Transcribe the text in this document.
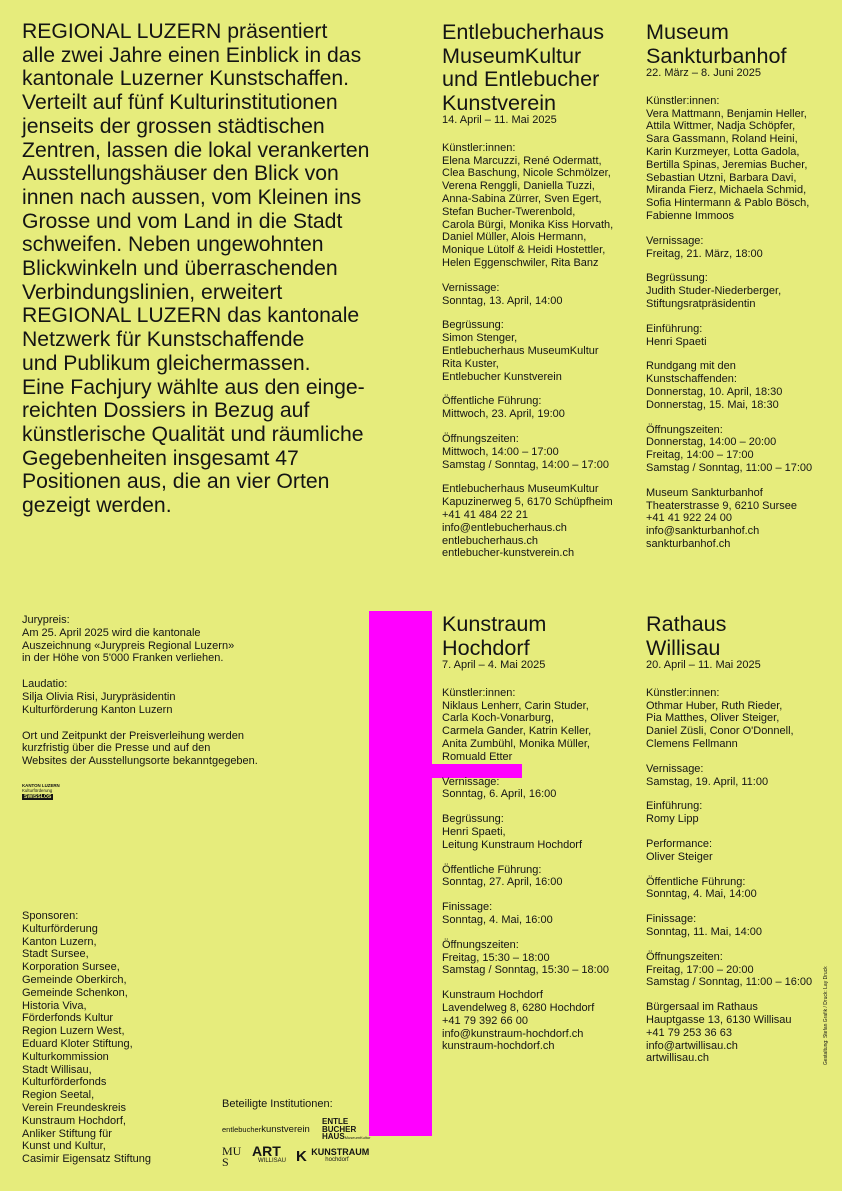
REGIONAL LUZERN präsentiert
alle zwei Jahre einen Einblick in das
kantonale Luzerner Kunstschaffen.
Verteilt auf fünf Kulturinstitutionen
jenseits der grossen städtischen
Zentren, lassen die lokal verankerten
Ausstellungshäuser den Blick von
innen nach aussen, vom Kleinen ins
Grosse und vom Land in die Stadt
schweifen. Neben ungewohnten
Blickwinkeln und überraschenden
Verbindungslinien, erweitert
REGIONAL LUZERN das kantonale
Netzwerk für Kunstschaffende
und Publikum gleichermassen.
Eine Fachjury wählte aus den einge-
reichten Dossiers in Bezug auf
künstlerische Qualität und räumliche
Gegebenheiten insgesamt 47
Positionen aus, die an vier Orten
gezeigt werden.
Entlebucherhaus
MuseumKultur
und Entlebucher
Kunstverein
14. April – 11. Mai 2025
Künstler:innen:
Elena Marcuzzi, René Odermatt,
Clea Baschung, Nicole Schmölzer,
Verena Renggli, Daniella Tuzzi,
Anna-Sabina Zürrer, Sven Egert,
Stefan Bucher-Twerenbold,
Carola Bürgi, Monika Kiss Horvath,
Daniel Müller, Alois Hermann,
Monique Lütolf & Heidi Hostettler,
Helen Eggenschwiler, Rita Banz
Vernissage:
Sonntag, 13. April, 14:00
Begrüssung:
Simon Stenger,
Entlebucherhaus MuseumKultur
Rita Kuster,
Entlebucher Kunstverein
Öffentliche Führung:
Mittwoch, 23. April, 19:00
Öffnungszeiten:
Mittwoch, 14:00 – 17:00
Samstag / Sonntag, 14:00 – 17:00
Entlebucherhaus MuseumKultur
Kapuzinerweg 5, 6170 Schüpfheim
+41 41 484 22 21
info@entlebucherhaus.ch
entlebucherhaus.ch
entlebucher-kunstverein.ch
Museum
Sankturbanhof
22. März – 8. Juni 2025
Künstler:innen:
Vera Mattmann, Benjamin Heller,
Attila Wittmer, Nadja Schöpfer,
Sara Gassmann, Roland Heini,
Karin Kurzmeyer, Lotta Gadola,
Bertilla Spinas, Jeremias Bucher,
Sebastian Utzni, Barbara Davi,
Miranda Fierz, Michaela Schmid,
Sofia Hintermann & Pablo Bösch,
Fabienne Immoos
Vernissage:
Freitag, 21. März, 18:00
Begrüssung:
Judith Studer-Niederberger,
Stiftungsratpräsidentin
Einführung:
Henri Spaeti
Rundgang mit den
Kunstschaffenden:
Donnerstag, 10. April, 18:30
Donnerstag, 15. Mai, 18:30
Öffnungszeiten:
Donnerstag, 14:00 – 20:00
Freitag, 14:00 – 17:00
Samstag / Sonntag, 11:00 – 17:00
Museum Sankturbanhof
Theaterstrasse 9, 6210 Sursee
+41 41 922 24 00
info@sankturbanhof.ch
sankturbanhof.ch
Kunstraum
Hochdorf
7. April – 4. Mai 2025
Künstler:innen:
Niklaus Lenherr, Carin Studer,
Carla Koch-Vonarburg,
Carmela Gander, Katrin Keller,
Anita Zumbühl, Monika Müller,
Romuald Etter
Vernissage:
Sonntag, 6. April, 16:00
Begrüssung:
Henri Spaeti,
Leitung Kunstraum Hochdorf
Öffentliche Führung:
Sonntag, 27. April, 16:00
Finissage:
Sonntag, 4. Mai, 16:00
Öffnungszeiten:
Freitag, 15:30 – 18:00
Samstag / Sonntag, 15:30 – 18:00
Kunstraum Hochdorf
Lavendelweg 8, 6280 Hochdorf
+41 79 392 66 00
info@kunstraum-hochdorf.ch
kunstraum-hochdorf.ch
Rathaus
Willisau
20. April – 11. Mai 2025
Künstler:innen:
Othmar Huber, Ruth Rieder,
Pia Matthes, Oliver Steiger,
Daniel Züsli, Conor O'Donnell,
Clemens Fellmann
Vernissage:
Samstag, 19. April, 11:00
Einführung:
Romy Lipp
Performance:
Oliver Steiger
Öffentliche Führung:
Sonntag, 4. Mai, 14:00
Finissage:
Sonntag, 11. Mai, 14:00
Öffnungszeiten:
Freitag, 17:00 – 20:00
Samstag / Sonntag, 11:00 – 16:00
Bürgersaal im Rathaus
Hauptgasse 13, 6130 Willisau
+41 79 253 36 63
info@artwillisau.ch
artwillisau.ch

Jurypreis:
Am 25. April 2025 wird die kantonale
Auszeichnung «Jurypreis Regional Luzern»
in der Höhe von 5'000 Franken verliehen.

Laudatio:
Silja Olivia Risi, Jurypräsidentin
Kulturförderung Kanton Luzern

Ort und Zeitpunkt der Preisverleihung werden
kurzfristig über die Presse und auf den
Websites der Ausstellungsorte bekanntgegeben.

KANTON LUZERN
Kulturförderung
SWISSLOS
Sponsoren:
Kulturförderung
Kanton Luzern,
Stadt Sursee,
Korporation Sursee,
Gemeinde Oberkirch,
Gemeinde Schenkon,
Historia Viva,
Förderfonds Kultur
Region Luzern West,
Eduard Kloter Stiftung,
Kulturkommission
Stadt Willisau,
Kulturförderfonds
Region Seetal,
Verein Freundeskreis
Kunstraum Hochdorf,
Anliker Stiftung für
Kunst und Kultur,
Casimir Eigensatz Stiftung
Beteiligte Institutionen:
entlebucherkunstverein
ENTLE
BUCHER
HAUSMuseumKultur
MU
S
ART
WILLISAU K KUNSTRAUM
hochdorf
Gestaltung: Stefan Grafik / Druck: Lay Druck
